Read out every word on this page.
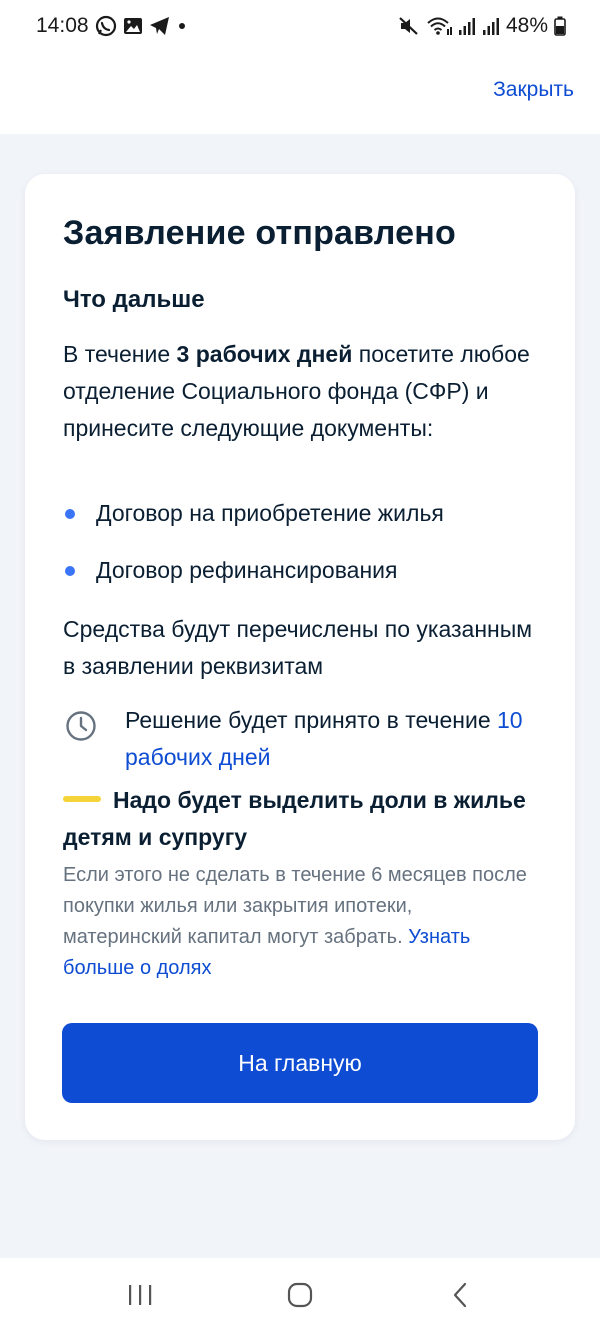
14:08	48%
Закрыть
Заявление отправлено
Что дальше
В течение 3 рабочих дней посетите любое отделение Социального фонда (СФР) и принесите следующие документы:
Договор на приобретение жилья
Договор рефинансирования
Средства будут перечислены по указанным в заявлении реквизитам
Решение будет принято в течение 10 рабочих дней
Надо будет выделить доли в жилье детям и супругу
Если этого не сделать в течение 6 месяцев после покупки жилья или закрытия ипотеки, материнский капитал могут забрать. Узнать больше о долях
На главную
